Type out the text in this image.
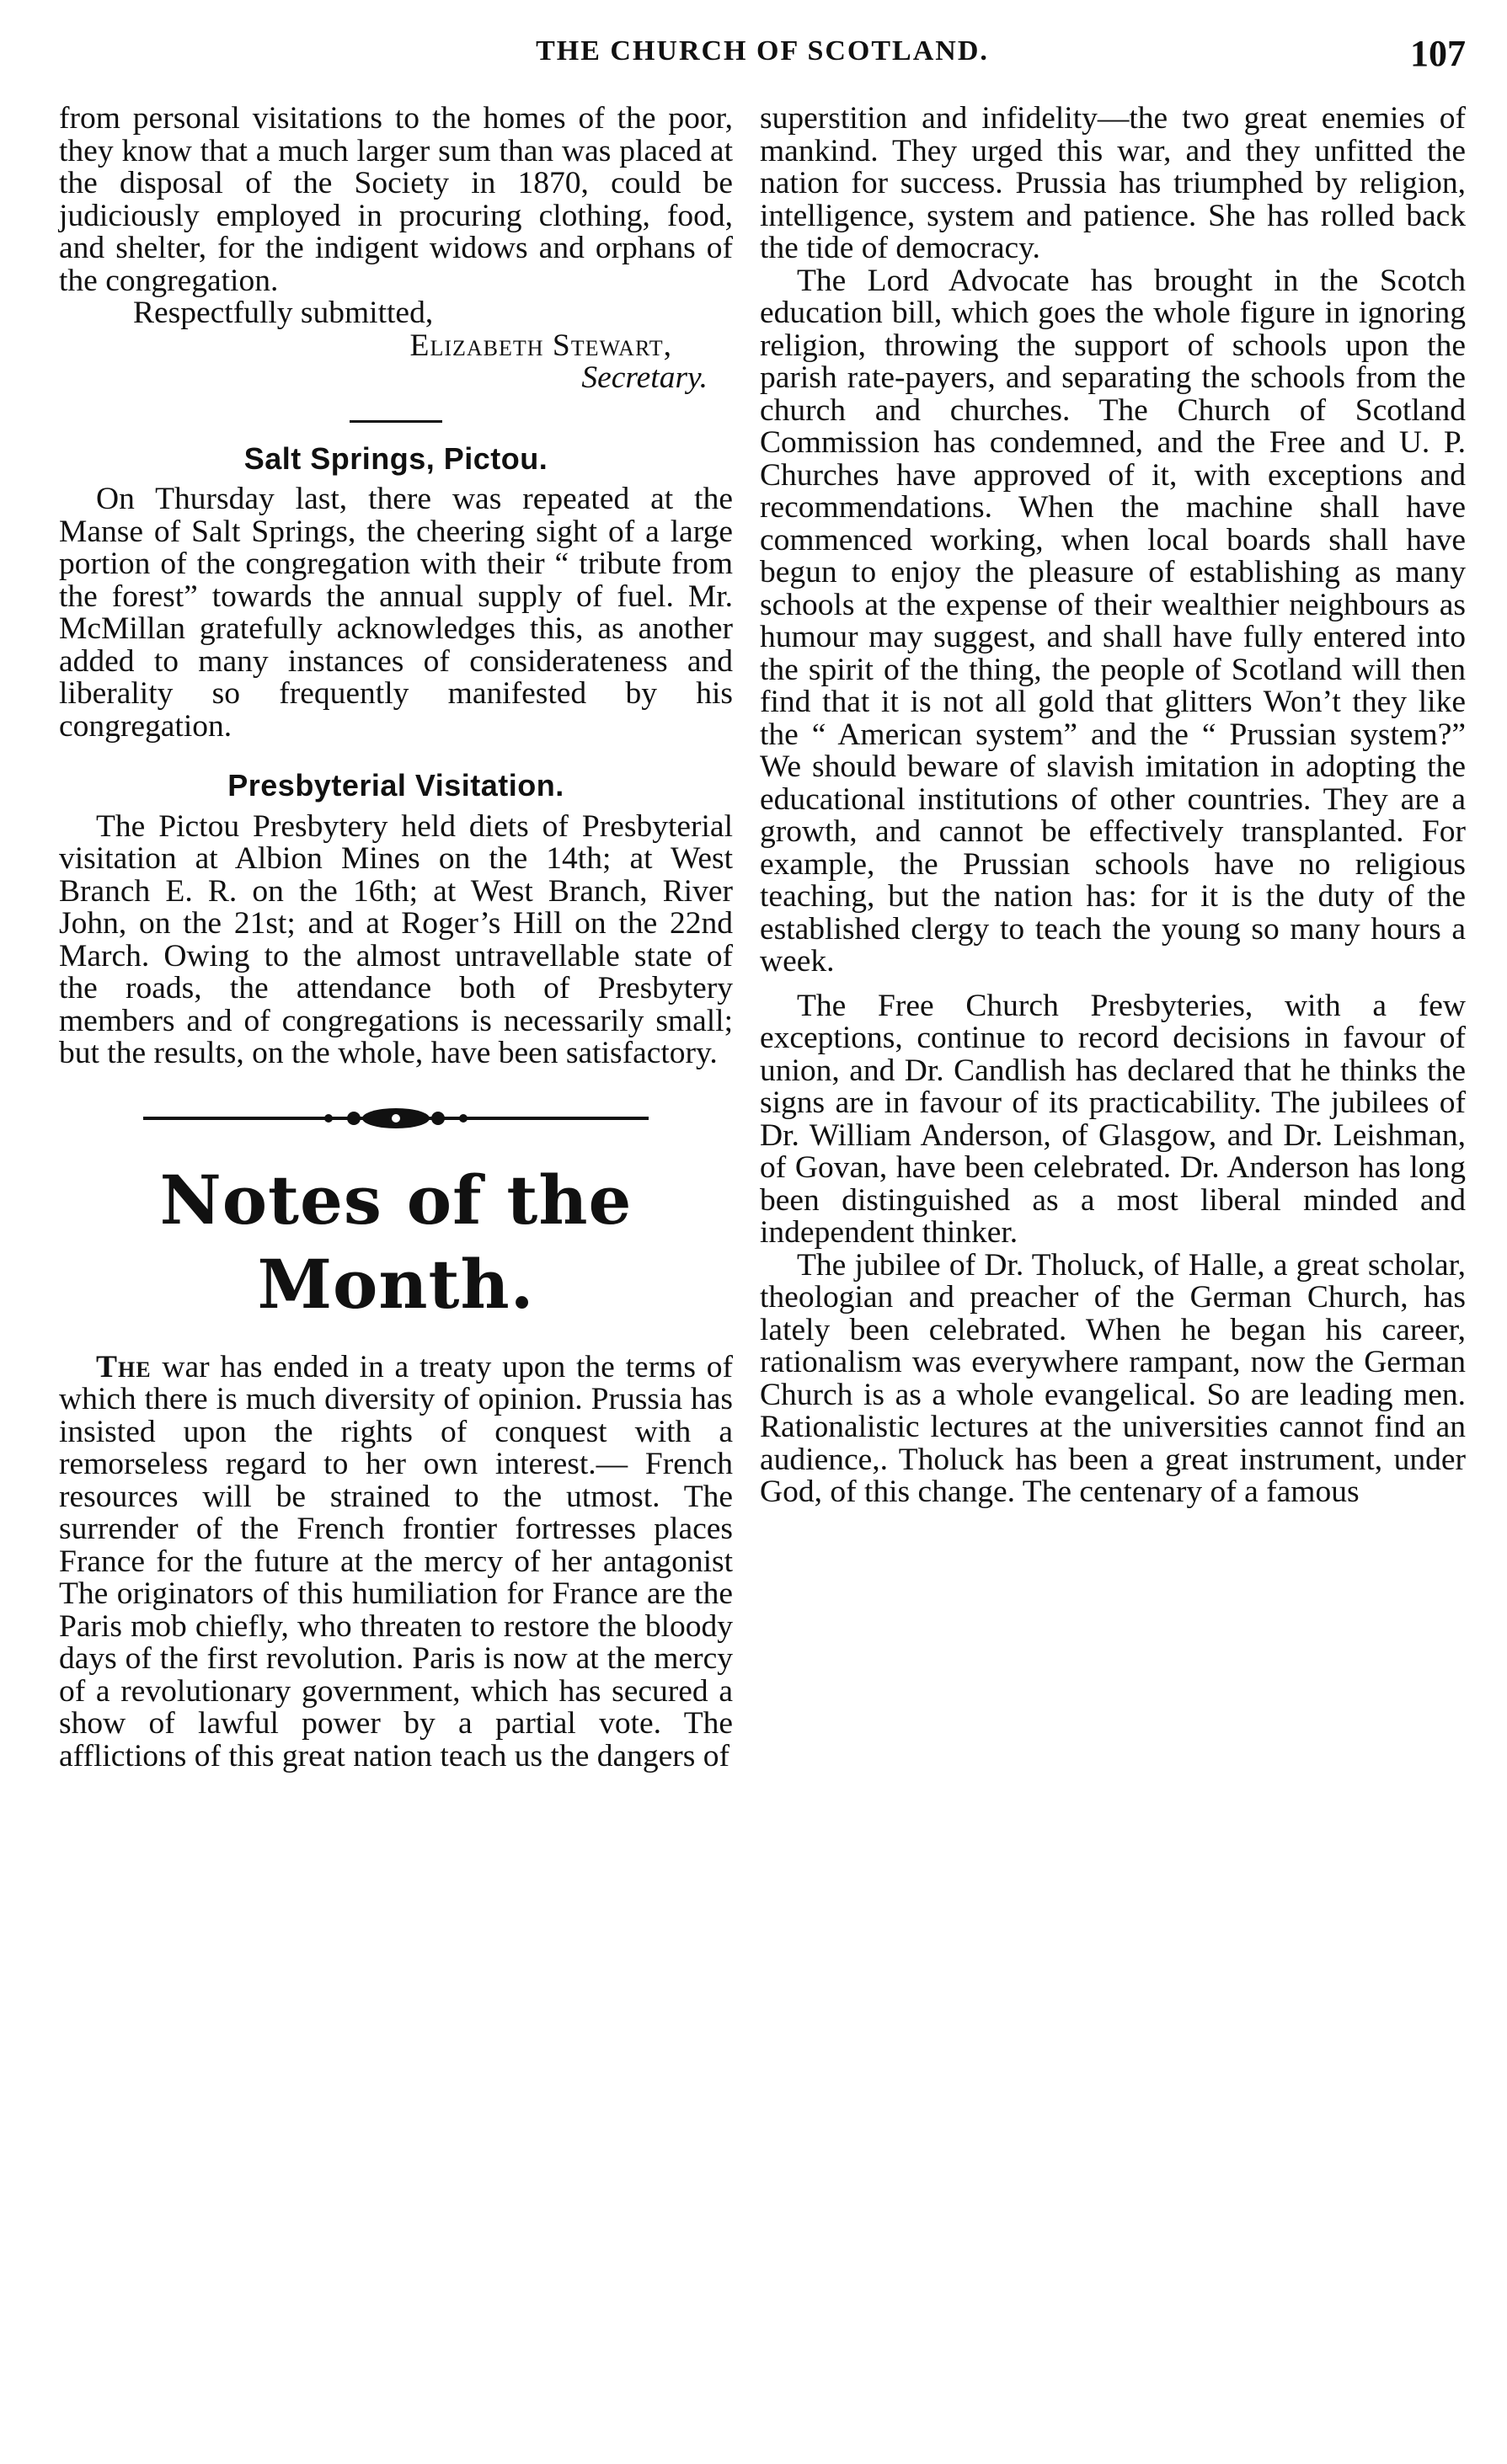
THE CHURCH OF SCOTLAND.	107

from personal visitations to the homes of the poor, they know that a much larger sum than was placed at the disposal of the Society in 1870, could be judiciously employed in procuring clothing, food, and shelter, for the indigent widows and orphans of the congregation.

Respectfully submitted,
Elizabeth Stewart,
Secretary.
Salt Springs, Pictou.

On Thursday last, there was repeated at the Manse of Salt Springs, the cheering sight of a large portion of the congregation with their “ tribute from the forest” towards the annual supply of fuel. Mr. McMillan gratefully acknowledges this, as another added to many instances of considerateness and liberality so frequently manifested by his congregation.

Presbyterial Visitation.

The Pictou Presbytery held diets of Presbyterial visitation at Albion Mines on the 14th; at West Branch E. R. on the 16th; at West Branch, River John, on the 21st; and at Roger’s Hill on the 22nd March. Owing to the almost untravellable state of the roads, the attendance both of Presbytery members and of congregations is necessarily small; but the results, on the whole, have been satisfactory.

Notes of the Month.

The war has ended in a treaty upon the terms of which there is much diversity of opinion. Prussia has insisted upon the rights of conquest with a remorseless regard to her own interest.— French resources will be strained to the utmost. The surrender of the French frontier fortresses places France for the future at the mercy of her antagonist The originators of this humiliation for France are the Paris mob chiefly, who threaten to restore the bloody days of the first revolution. Paris is now at the mercy of a revolutionary government, which has secured a show of lawful power by a partial vote. The afflictions of this great nation teach us the dangers of

superstition and infidelity—the two great enemies of mankind. They urged this war, and they unfitted the nation for success. Prussia has triumphed by religion, intelligence, system and patience. She has rolled back the tide of democracy.

The Lord Advocate has brought in the Scotch education bill, which goes the whole figure in ignoring religion, throwing the support of schools upon the parish rate-payers, and separating the schools from the church and churches. The Church of Scotland Commission has condemned, and the Free and U. P. Churches have approved of it, with exceptions and recommendations. When the machine shall have commenced working, when local boards shall have begun to enjoy the pleasure of establishing as many schools at the expense of their wealthier neighbours as humour may suggest, and shall have fully entered into the spirit of the thing, the people of Scotland will then find that it is not all gold that glitters Won’t they like the “ American system” and the “ Prussian system?” We should beware of slavish imitation in adopting the educational institutions of other countries. They are a growth, and cannot be effectively transplanted. For example, the Prussian schools have no religious teaching, but the nation has: for it is the duty of the established clergy to teach the young so many hours a week.

The Free Church Presbyteries, with a few exceptions, continue to record decisions in favour of union, and Dr. Candlish has declared that he thinks the signs are in favour of its practicability. The jubilees of Dr. William Anderson, of Glasgow, and Dr. Leishman, of Govan, have been celebrated. Dr. Anderson has long been distinguished as a most liberal minded and independent thinker.

The jubilee of Dr. Tholuck, of Halle, a great scholar, theologian and preacher of the German Church, has lately been celebrated. When he began his career, rationalism was everywhere rampant, now the German Church is as a whole evangelical. So are leading men. Rationalistic lectures at the universities cannot find an audience,. Tholuck has been a great instrument, under God, of this change. The centenary of a famous
